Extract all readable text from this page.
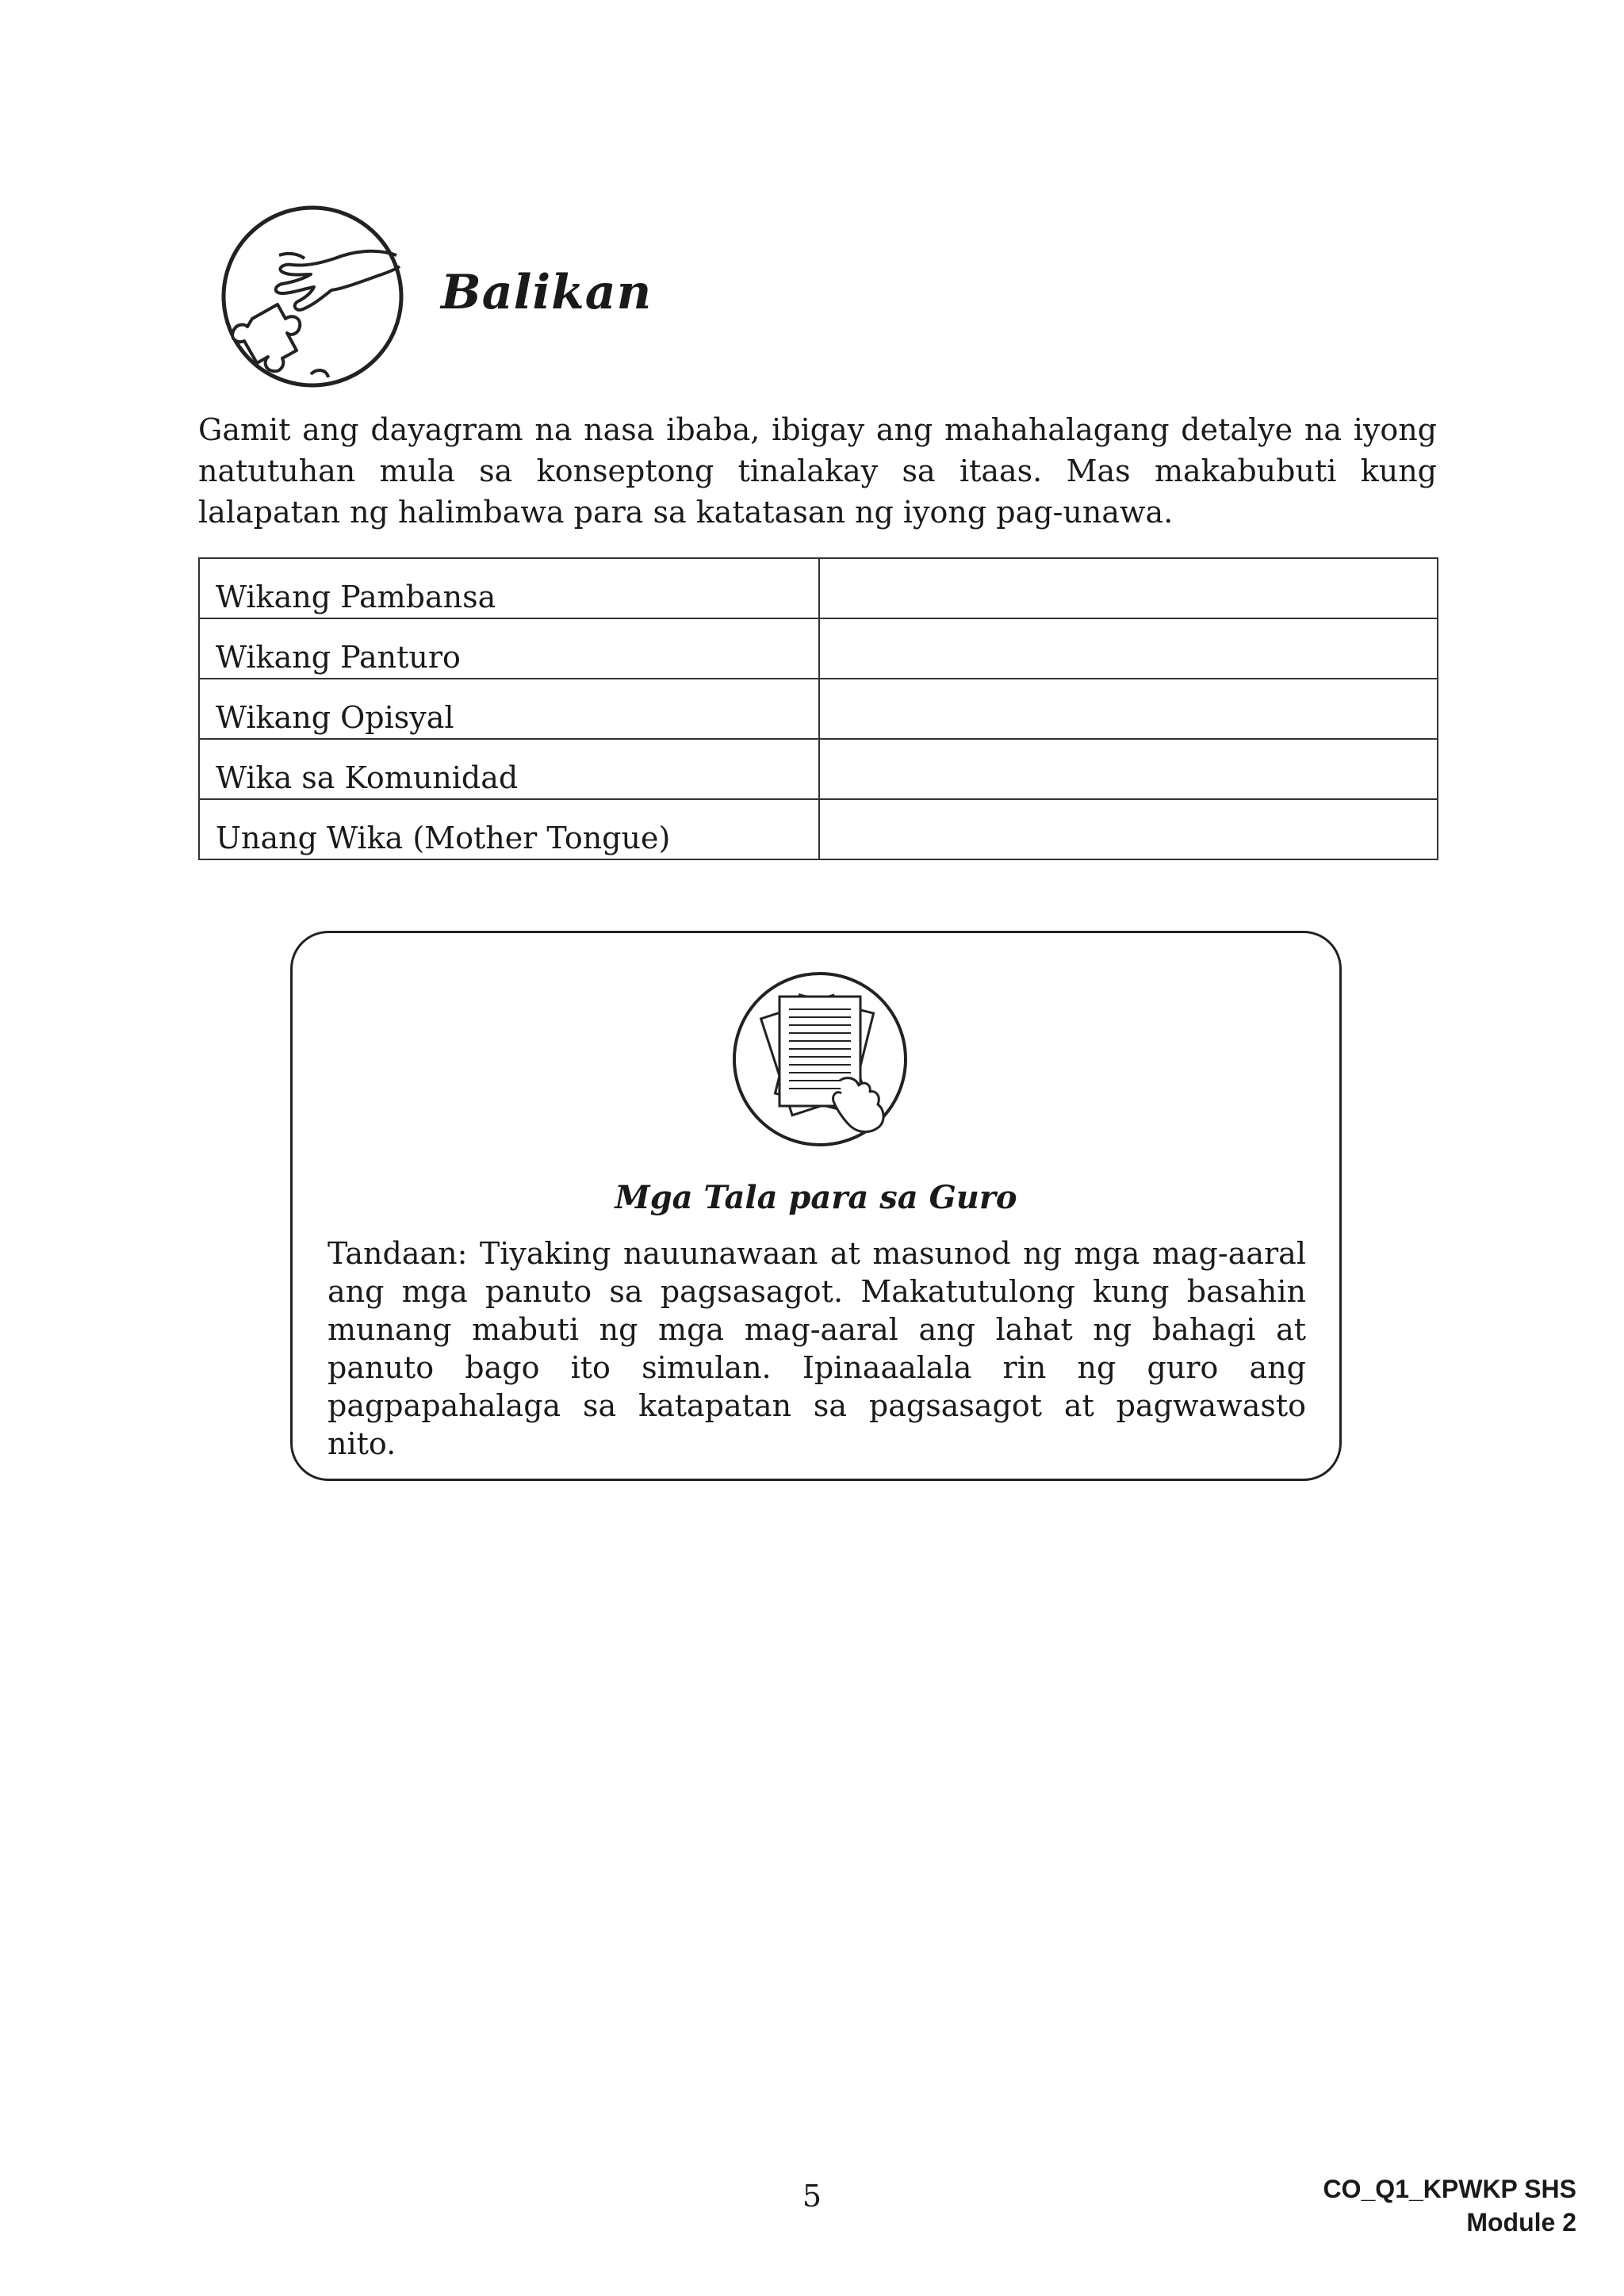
Balikan

Gamit ang dayagram na nasa ibaba, ibigay ang mahahalagang detalye na iyong natutuhan mula sa konseptong tinalakay sa itaas. Mas makabubuti kung lalapatan ng halimbawa para sa katatasan ng iyong pag-unawa.

Wikang Pambansa	
Wikang Panturo	
Wikang Opisyal	
Wika sa Komunidad	
Unang Wika (Mother Tongue)	

Mga Tala para sa Guro

Tandaan: Tiyaking nauunawaan at masunod ng mga mag-aaral ang mga panuto sa pagsasagot. Makatutulong kung basahin munang mabuti ng mga mag-aaral ang lahat ng bahagi at panuto bago ito simulan. Ipinaaalala rin ng guro ang pagpapahalaga sa katapatan sa pagsasagot at pagwawasto nito.

5	CO_Q1_KPWKP SHS
Module 2
